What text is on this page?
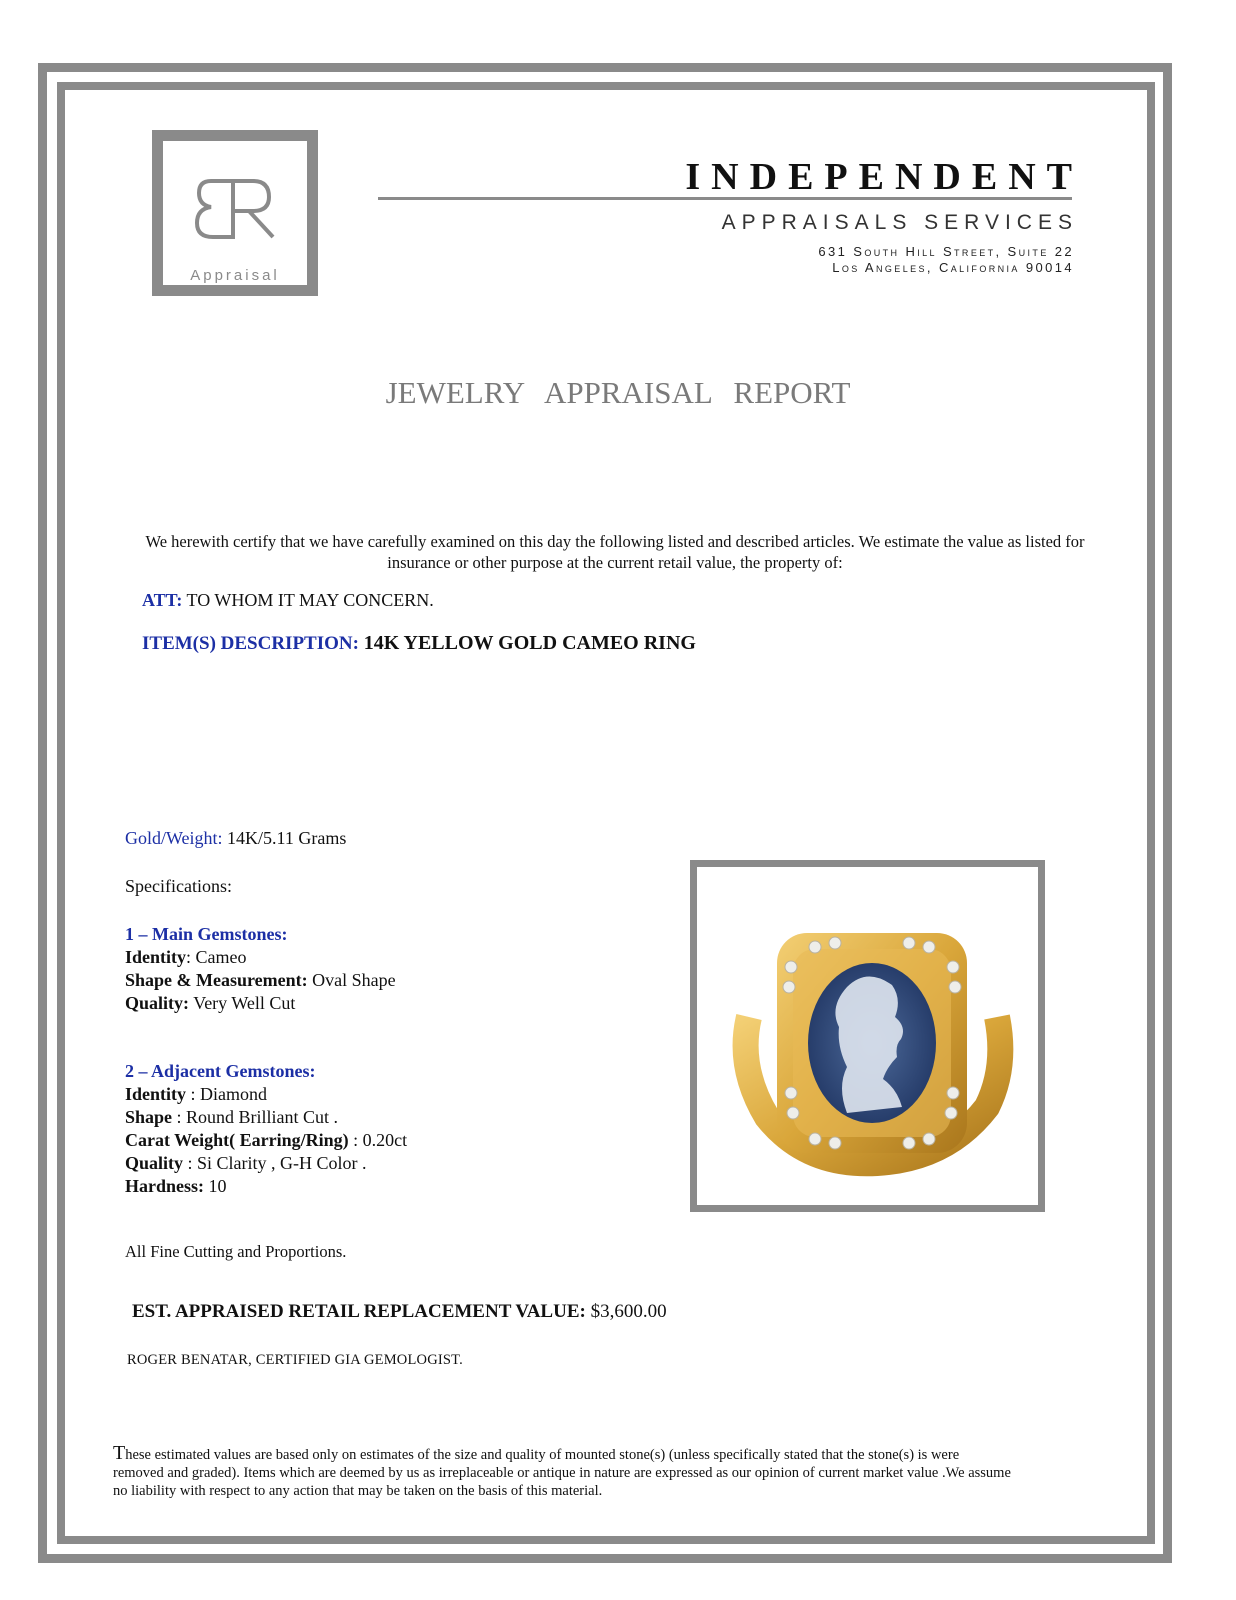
Appraisal
INDEPENDENT
APPRAISALS SERVICES
631 South Hill Street, Suite 22
Los Angeles, California 90014
JEWELRY APPRAISAL REPORT
We herewith certify that we have carefully examined on this day the following listed and described articles. We estimate the value as listed for insurance or other purpose at the current retail value, the property of:
ATT: TO WHOM IT MAY CONCERN.
ITEM(S) DESCRIPTION: 14K YELLOW GOLD CAMEO RING
Gold/Weight: 14K/5.11 Grams
Specifications:
1 – Main Gemstones:
Identity: Cameo
Shape & Measurement: Oval Shape
Quality: Very Well Cut
2 – Adjacent Gemstones:
Identity : Diamond
Shape : Round Brilliant Cut .
Carat Weight( Earring/Ring) : 0.20ct
Quality : Si Clarity , G-H Color .
Hardness: 10
All Fine Cutting and Proportions.
EST. APPRAISED RETAIL REPLACEMENT VALUE: $3,600.00
ROGER BENATAR, CERTIFIED GIA GEMOLOGIST.
These estimated values are based only on estimates of the size and quality of mounted stone(s) (unless specifically stated that the stone(s) is were removed and graded). Items which are deemed by us as irreplaceable or antique in nature are expressed as our opinion of current market value .We assume no liability with respect to any action that may be taken on the basis of this material.
